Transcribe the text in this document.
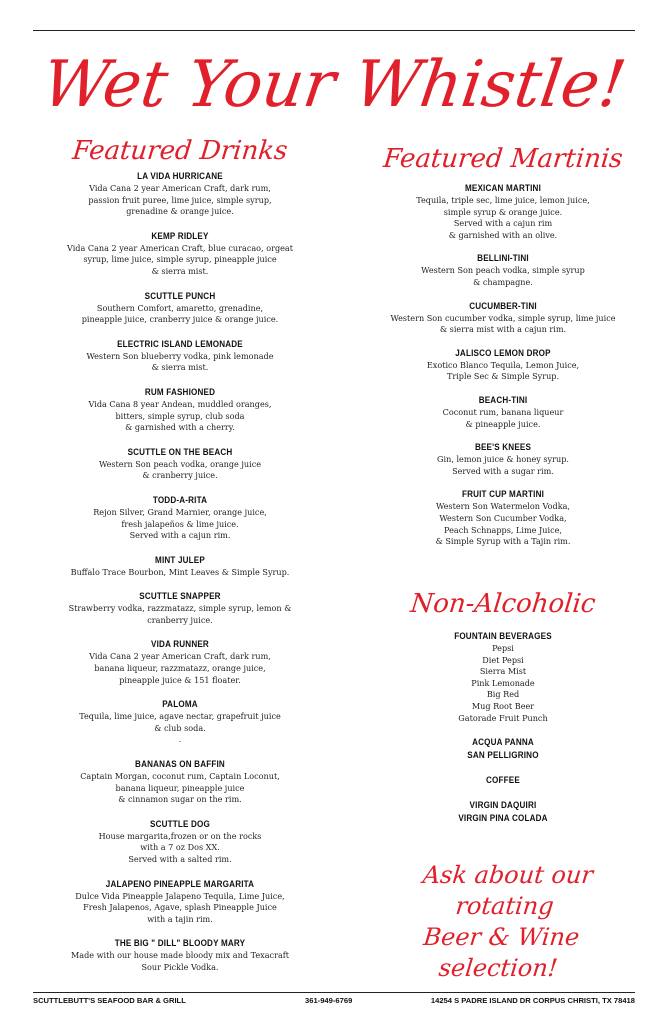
Wet Your Whistle!
Featured Drinks
LA VIDA HURRICANE
Vida Cana 2 year American Craft, dark rum,
passion fruit puree, lime juice, simple syrup,
grenadine & orange juice.
KEMP RIDLEY
Vida Cana 2 year American Craft, blue curacao, orgeat
syrup, lime juice, simple syrup, pineapple juice
& sierra mist.
SCUTTLE PUNCH
Southern Comfort, amaretto, grenadine,
pineapple juice, cranberry juice & orange juice.
ELECTRIC ISLAND LEMONADE
Western Son blueberry vodka, pink lemonade
& sierra mist.
RUM FASHIONED
Vida Cana 8 year Andean, muddled oranges,
bitters, simple syrup, club soda
& garnished with a cherry.
SCUTTLE ON THE BEACH
Western Son peach vodka, orange juice
& cranberry juice.
TODD-A-RITA
Rejon Silver, Grand Marnier, orange juice,
fresh jalapeños & lime juice.
Served with a cajun rim.
MINT JULEP
Buffalo Trace Bourbon, Mint Leaves & Simple Syrup.
SCUTTLE SNAPPER
Strawberry vodka, razzmatazz, simple syrup, lemon &
cranberry juice.
VIDA RUNNER
Vida Cana 2 year American Craft, dark rum,
banana liqueur, razzmatazz, orange juice,
pineapple juice & 151 floater.
PALOMA
Tequila, lime juice, agave nectar, grapefruit juice
& club soda.
.
BANANAS ON BAFFIN
Captain Morgan, coconut rum, Captain Loconut,
banana liqueur, pineapple juice
& cinnamon sugar on the rim.
SCUTTLE DOG
House margarita,frozen or on the rocks
with a 7 oz Dos XX.
Served with a salted rim.
JALAPENO PINEAPPLE MARGARITA
Dulce Vida Pineapple Jalapeno Tequila, Lime Juice,
Fresh Jalapenos, Agave, splash Pineapple Juice
with a tajin rim.
THE BIG " DILL" BLOODY MARY
Made with our house made bloody mix and Texacraft
Sour Pickle Vodka.
Featured Martinis
MEXICAN MARTINI
Tequila, triple sec, lime juice, lemon juice,
simple syrup & orange juice.
Served with a cajun rim
& garnished with an olive.
BELLINI-TINI
Western Son peach vodka, simple syrup
& champagne.
CUCUMBER-TINI
Western Son cucumber vodka, simple syrup, lime juice
& sierra mist with a cajun rim.
JALISCO LEMON DROP
Exotico Blanco Tequila, Lemon Juice,
Triple Sec & Simple Syrup.
BEACH-TINI
Coconut rum, banana liqueur
& pineapple juice.
BEE'S KNEES
Gin, lemon juice & honey syrup.
Served with a sugar rim.
FRUIT CUP MARTINI
Western Son Watermelon Vodka,
Western Son Cucumber Vodka,
Peach Schnapps, Lime Juice,
& Simple Syrup with a Tajin rim.
Non-Alcoholic
FOUNTAIN BEVERAGES
Pepsi
Diet Pepsi
Sierra Mist
Pink Lemonade
Big Red
Mug Root Beer
Gatorade Fruit Punch
ACQUA PANNA
SAN PELLIGRINO
COFFEE
VIRGIN DAQUIRI
VIRGIN PINA COLADA
Ask about our rotating
Beer & Wine
selection!
SCUTTLEBUTT'S SEAFOOD BAR & GRILL	361-949-6769	14254 S PADRE ISLAND DR CORPUS CHRISTI, TX 78418
